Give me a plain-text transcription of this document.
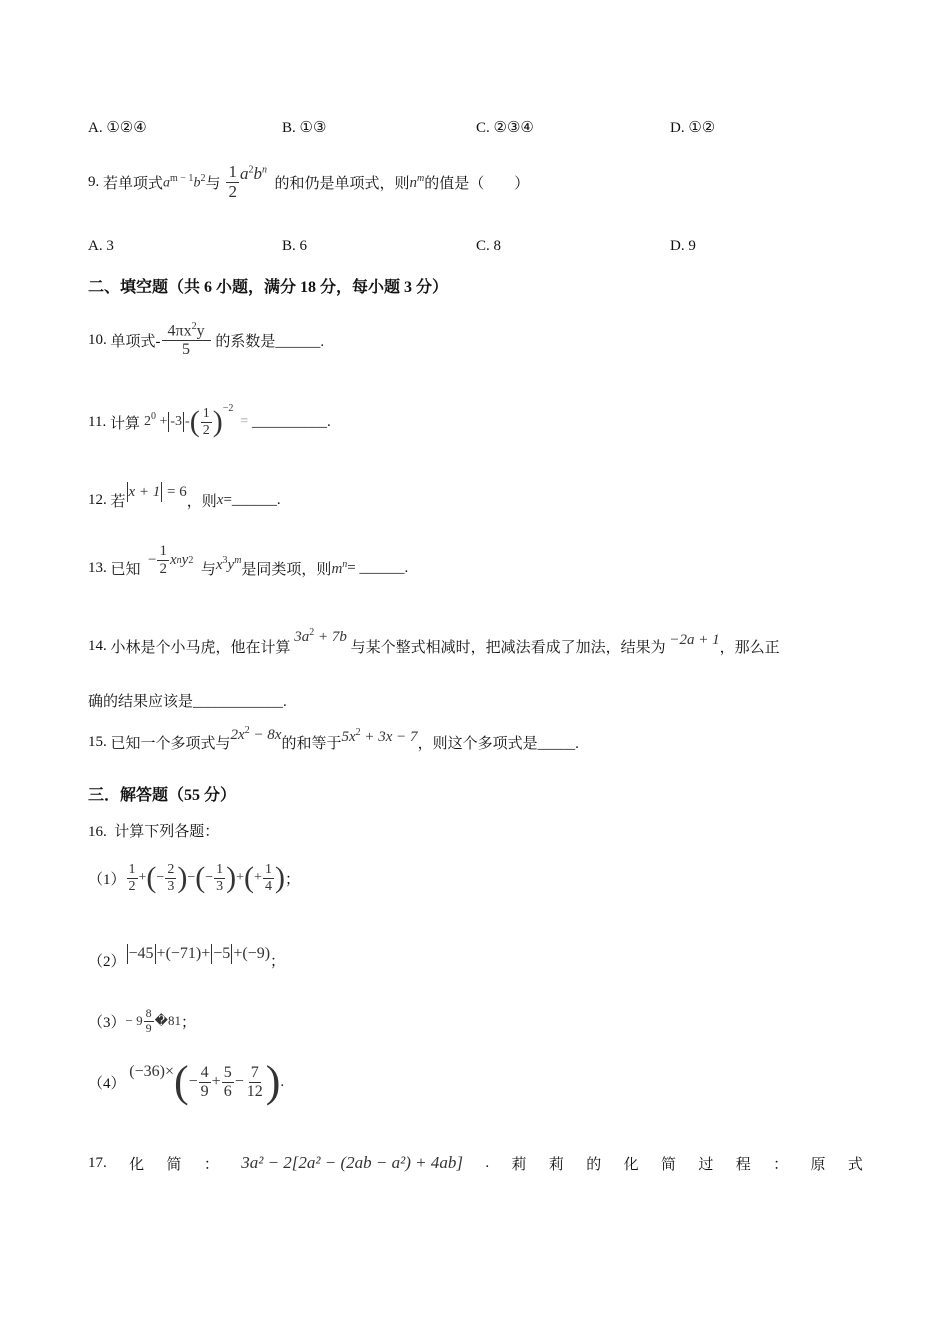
A. ①②④	B. ①③	C. ②③④	D. ①②
9.
若单项式 $a^{m - 1}b^2$ 与 $\frac{1}{2} a^2b^n$

的和仍是单项式，则 $n^m$ 的值是（　　）
A. 3	B. 6	C. 8	D. 9
二、填空题（共 6 小题，满分 18 分，每小题 3 分）
10.
单项式- $\frac{4\pi x^2y}{5}$
的系数是______.
11.
计算 $2^0$
+ -3 - ( $\frac{1}{2} )^{-2}$

=
__________.
12.
若
x + 1
= 6
，则 x =______.
13.
已知

− $\frac{1}{2}$ x n y 2

与 $x^3y^m$
是同类项，则 $m^n$ = ______.
14.
小林是个小马虎，他在计算

$3a^2 + 7b$

与某个整式相减时，把减法看成了加法，结果为
−2a + 1 ，那么正
确的结果应该是____________.
15.
已知一个多项式与
$2x^2 - 8x$
的和等于 $5x^2 + 3x - 7$ ，则这个多项式是_____.
三．解答题（55 分）
16. 计算下列各题：
$(1) \frac{1}{2}$ + ( − $\frac{2}{3}$ ) − ( − $\frac{1}{3}$ ) + ( + $\frac{1}{4}$ ) ；
（2） −45 +(−71)+ −5 +(−9) ；
$(3) - 9 \frac{8}{9}$ �81 ；
（4）

(−36)× ( − $\frac{4}{9} + \frac{5}{6} - \frac{7}{12}$ ) .
17. 化 简 ： 3a² − 2[2a² − (2ab − a²) + 4ab] . 莉 莉 的 化 简 过 程 ： 原 式
